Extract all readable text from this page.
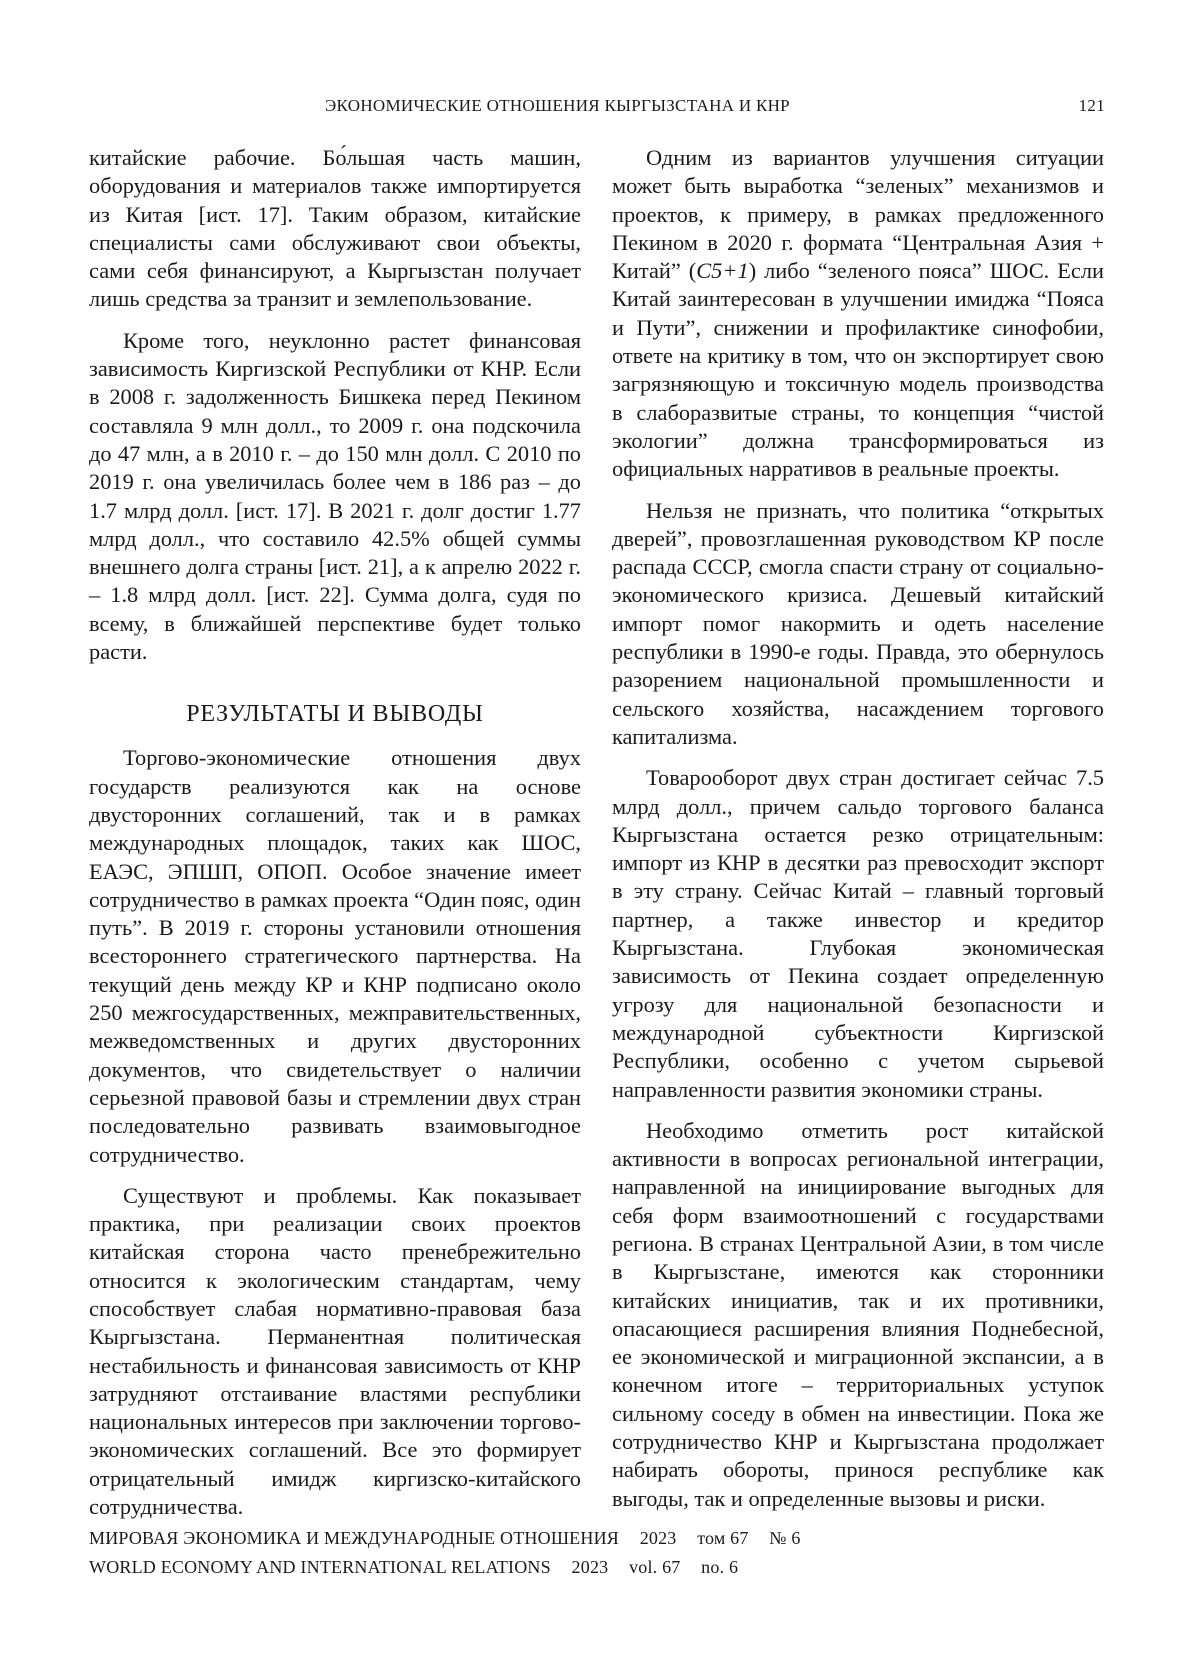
ЭКОНОМИЧЕСКИЕ ОТНОШЕНИЯ КЫРГЫЗСТАНА И КНР	121

китайские рабочие. Бо́льшая часть машин, оборудования и материалов также импортируется из Китая [ист. 17]. Таким образом, китайские специалисты сами обслуживают свои объекты, сами себя финансируют, а Кыргызстан получает лишь средства за транзит и землепользование.

Кроме того, неуклонно растет финансовая зависимость Киргизской Республики от КНР. Если в 2008 г. задолженность Бишкека перед Пекином составляла 9 млн долл., то 2009 г. она подскочила до 47 млн, а в 2010 г. – до 150 млн долл. С 2010 по 2019 г. она увеличилась более чем в 186 раз – до 1.7 млрд долл. [ист. 17]. В 2021 г. долг достиг 1.77 млрд долл., что составило 42.5% общей суммы внешнего долга страны [ист. 21], а к апрелю 2022 г. – 1.8 млрд долл. [ист. 22]. Сумма долга, судя по всему, в ближайшей перспективе будет только расти.

РЕЗУЛЬТАТЫ И ВЫВОДЫ

Торгово-экономические отношения двух государств реализуются как на основе двусторонних соглашений, так и в рамках международных площадок, таких как ШОС, ЕАЭС, ЭПШП, ОПОП. Особое значение имеет сотрудничество в рамках проекта “Один пояс, один путь”. В 2019 г. стороны установили отношения всестороннего стратегического партнерства. На текущий день между КР и КНР подписано около 250 межгосударственных, межправительственных, межведомственных и других двусторонних документов, что свидетельствует о наличии серьезной правовой базы и стремлении двух стран последовательно развивать взаимовыгодное сотрудничество.

Существуют и проблемы. Как показывает практика, при реализации своих проектов китайская сторона часто пренебрежительно относится к экологическим стандартам, чему способствует слабая нормативно-правовая база Кыргызстана. Перманентная политическая нестабильность и финансовая зависимость от КНР затрудняют отстаивание властями республики национальных интересов при заключении торгово-экономических соглашений. Все это формирует отрицательный имидж киргизско-китайского сотрудничества.

Одним из вариантов улучшения ситуации может быть выработка “зеленых” механизмов и проектов, к примеру, в рамках предложенного Пекином в 2020 г. формата “Центральная Азия + Китай” (C5+1) либо “зеленого пояса” ШОС. Если Китай заинтересован в улучшении имиджа “Пояса и Пути”, снижении и профилактике синофобии, ответе на критику в том, что он экспортирует свою загрязняющую и токсичную модель производства в слаборазвитые страны, то концепция “чистой экологии” должна трансформироваться из официальных нарративов в реальные проекты.

Нельзя не признать, что политика “открытых дверей”, провозглашенная руководством КР после распада СССР, смогла спасти страну от социально-экономического кризиса. Дешевый китайский импорт помог накормить и одеть население республики в 1990-е годы. Правда, это обернулось разорением национальной промышленности и сельского хозяйства, насаждением торгового капитализма.

Товарооборот двух стран достигает сейчас 7.5 млрд долл., причем сальдо торгового баланса Кыргызстана остается резко отрицательным: импорт из КНР в десятки раз превосходит экспорт в эту страну. Сейчас Китай – главный торговый партнер, а также инвестор и кредитор Кыргызстана. Глубокая экономическая зависимость от Пекина создает определенную угрозу для национальной безопасности и международной субъектности Киргизской Республики, особенно с учетом сырьевой направленности развития экономики страны.

Необходимо отметить рост китайской активности в вопросах региональной интеграции, направленной на инициирование выгодных для себя форм взаимоотношений с государствами региона. В странах Центральной Азии, в том числе в Кыргызстане, имеются как сторонники китайских инициатив, так и их противники, опасающиеся расширения влияния Поднебесной, ее экономической и миграционной экспансии, а в конечном итоге – территориальных уступок сильному соседу в обмен на инвестиции. Пока же сотрудничество КНР и Кыргызстана продолжает набирать обороты, принося республике как выгоды, так и определенные вызовы и риски.

МИРОВАЯ ЭКОНОМИКА И МЕЖДУНАРОДНЫЕ ОТНОШЕНИЯ 2023 том 67 № 6
WORLD ECONOMY AND INTERNATIONAL RELATIONS 2023 vol. 67 no. 6
